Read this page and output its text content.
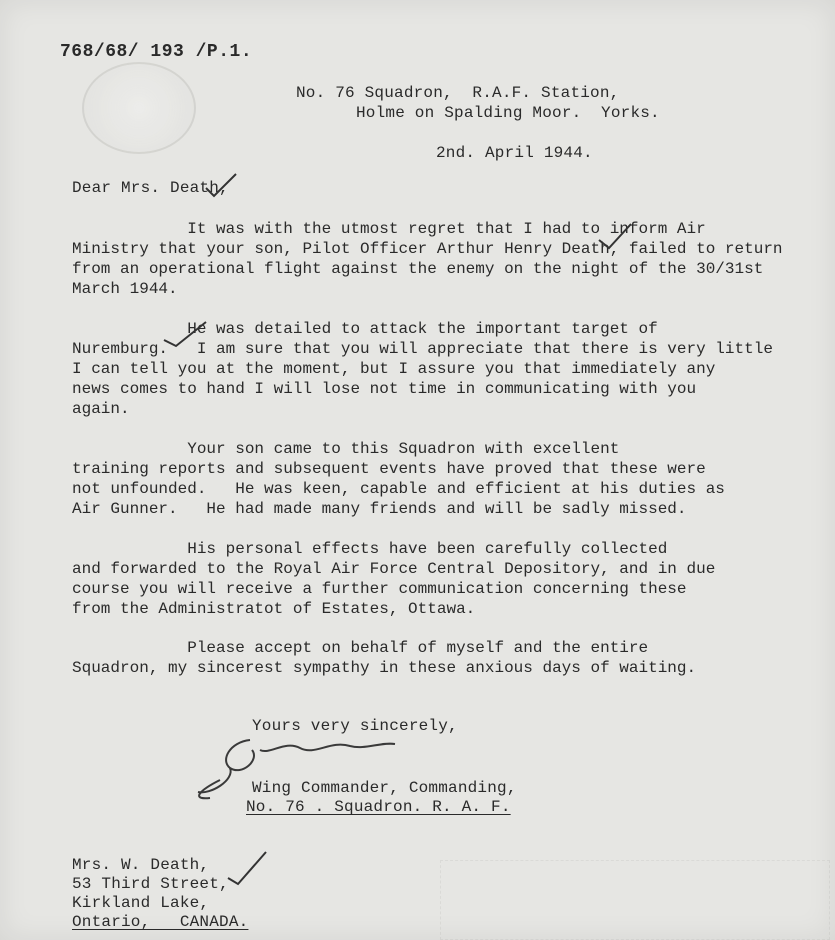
768/68/ 193 /P.1.
No. 76 Squadron,  R.A.F. Station,
Holme on Spalding Moor.  Yorks.
2nd. April 1944.
Dear Mrs. Death,
It was with the utmost regret that I had to inform Air
Ministry that your son, Pilot Officer Arthur Henry Death, failed to return
from an operational flight against the enemy on the night of the 30/31st
March 1944.
He was detailed to attack the important target of
Nuremburg.   I am sure that you will appreciate that there is very little
I can tell you at the moment, but I assure you that immediately any
news comes to hand I will lose not time in communicating with you
again.
Your son came to this Squadron with excellent
training reports and subsequent events have proved that these were
not unfounded.   He was keen, capable and efficient at his duties as
Air Gunner.   He had made many friends and will be sadly missed.
His personal effects have been carefully collected
and forwarded to the Royal Air Force Central Depository, and in due
course you will receive a further communication concerning these
from the Administratot of Estates, Ottawa.
Please accept on behalf of myself and the entire
Squadron, my sincerest sympathy in these anxious days of waiting.
Yours very sincerely,
Wing Commander, Commanding,
No. 76 . Squadron. R. A. F.
Mrs. W. Death,
53 Third Street,
Kirkland Lake,
Ontario,   CANADA.
